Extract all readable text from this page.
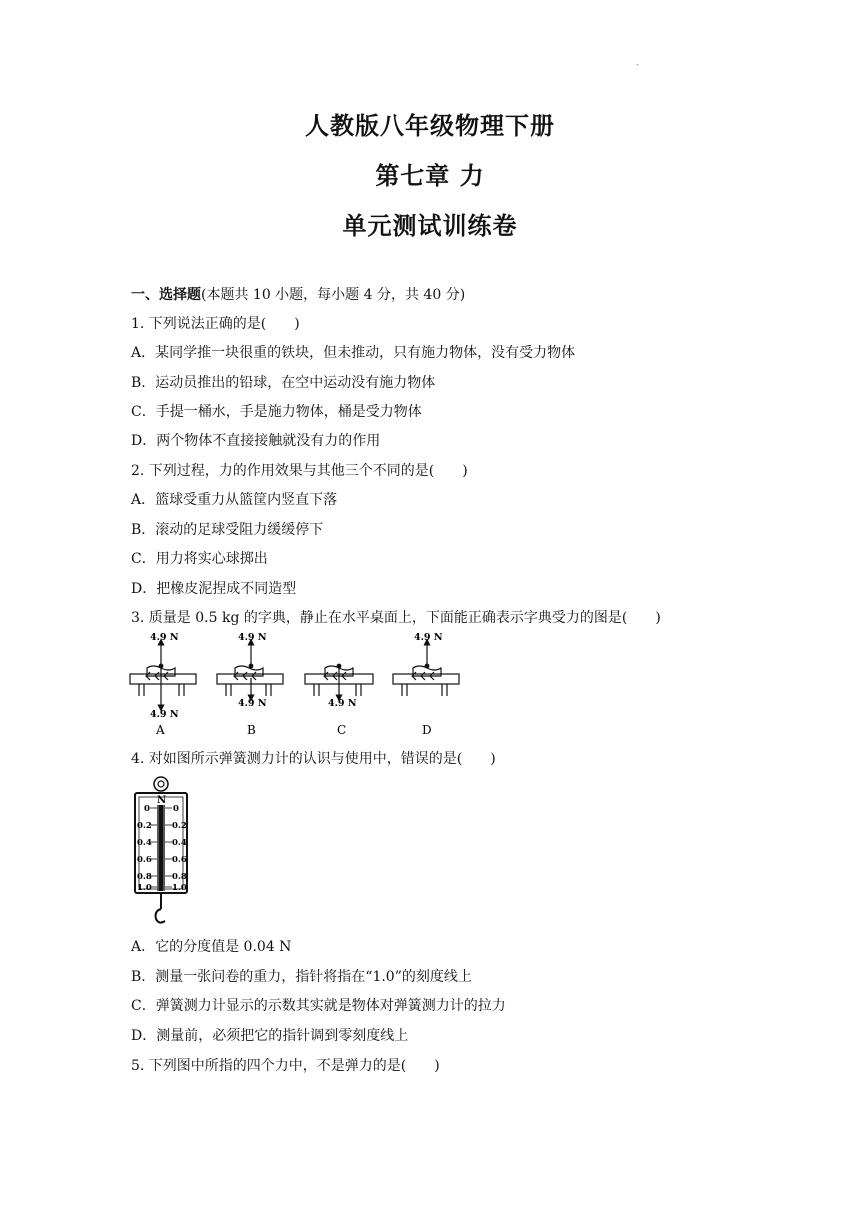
.
人教版八年级物理下册
第七章 力
单元测试训练卷
一、选择题(本题共 10 小题，每小题 4 分，共 40 分)
1. 下列说法正确的是(　　)
A．某同学推一块很重的铁块，但未推动，只有施力物体，没有受力物体
B．运动员推出的铅球，在空中运动没有施力物体
C．手提一桶水，手是施力物体，桶是受力物体
D．两个物体不直接接触就没有力的作用
2. 下列过程，力的作用效果与其他三个不同的是(　　)
A．篮球受重力从篮筐内竖直下落
B．滚动的足球受阻力缓缓停下
C．用力将实心球掷出
D．把橡皮泥捏成不同造型
3. 质量是 0.5 kg 的字典，静止在水平桌面上，下面能正确表示字典受力的图是(　　)
4.9 N
4.9 N
4.9 N
4.9 N	4.9 N
4.9 N
A	B	C	D
4. 对如图所示弹簧测力计的认识与使用中，错误的是(　　)
N
0
0.2
0.4
0.6
0.8
1.0
0
0.2
0.4
0.6
0.8
1.0
A．它的分度值是 0.04 N
B．测量一张问卷的重力，指针将指在“1.0”的刻度线上
C．弹簧测力计显示的示数其实就是物体对弹簧测力计的拉力
D．测量前，必须把它的指针调到零刻度线上
5. 下列图中所指的四个力中，不是弹力的是(　　)
